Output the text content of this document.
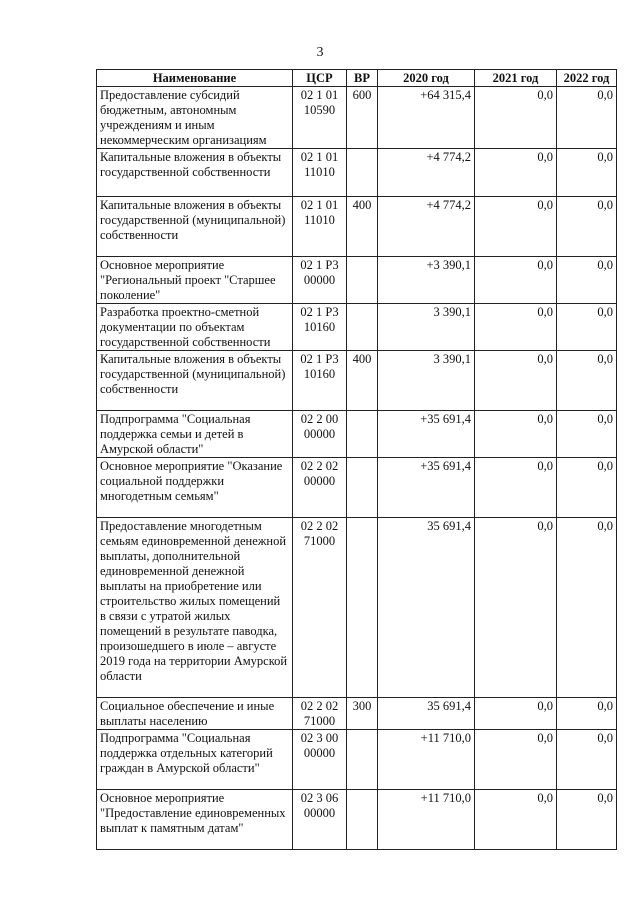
3
Наименование	ЦСР	ВР	2020 год	2021 год	2022 год
Предоставление субсидий бюджетным, автономным учреждениям и иным некоммерческим организациям	02 1 01 10590	600	+64 315,4	0,0	0,0
Капитальные вложения в объекты государственной собственности	02 1 01 11010		+4 774,2	0,0	0,0
Капитальные вложения в объекты государственной (муниципальной) собственности	02 1 01 11010	400	+4 774,2	0,0	0,0
Основное мероприятие "Региональный проект "Старшее поколение"	02 1 Р3 00000		+3 390,1	0,0	0,0
Разработка проектно-сметной документации по объектам государственной собственности	02 1 Р3 10160		3 390,1	0,0	0,0
Капитальные вложения в объекты государственной (муниципальной) собственности	02 1 Р3 10160	400	3 390,1	0,0	0,0
Подпрограмма "Социальная поддержка семьи и детей в Амурской области"	02 2 00 00000		+35 691,4	0,0	0,0
Основное мероприятие "Оказание социальной поддержки многодетным семьям"	02 2 02 00000		+35 691,4	0,0	0,0
Предоставление многодетным семьям единовременной денежной выплаты, дополнительной единовременной денежной выплаты на приобретение или строительство жилых помещений в связи с утратой жилых помещений в результате паводка, произошедшего в июле – августе 2019 года на территории Амурской области	02 2 02 71000		35 691,4	0,0	0,0
Социальное обеспечение и иные выплаты населению	02 2 02 71000	300	35 691,4	0,0	0,0
Подпрограмма "Социальная поддержка отдельных категорий граждан в Амурской области"	02 3 00 00000		+11 710,0	0,0	0,0
Основное мероприятие "Предоставление единовременных выплат к памятным датам"	02 3 06 00000		+11 710,0	0,0	0,0
